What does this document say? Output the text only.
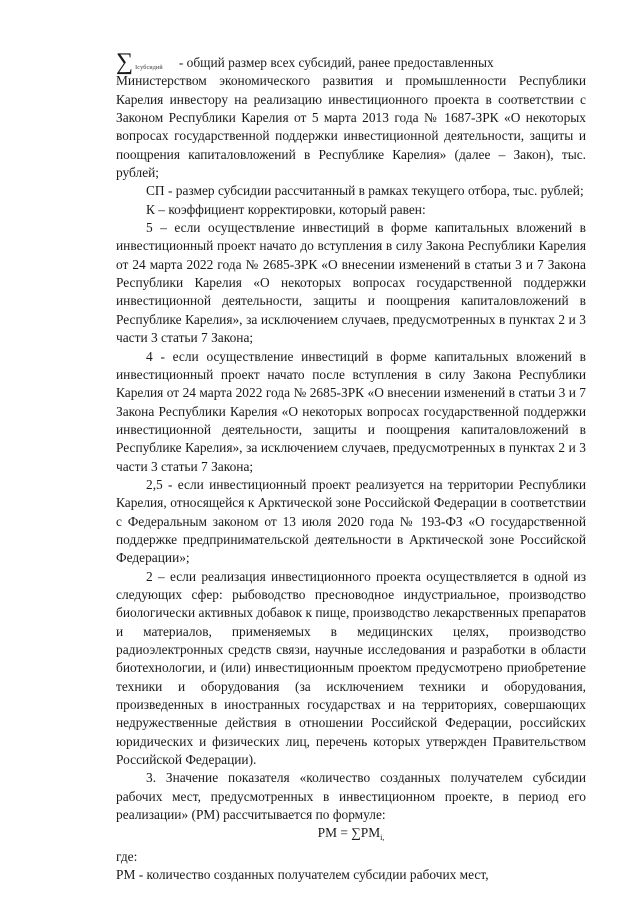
∑ Iсубсидий - общий размер всех субсидий, ранее предоставленных

Министерством экономического развития и промышленности Республики Карелия инвестору на реализацию инвестиционного проекта в соответствии с Законом Республики Карелия от 5 марта 2013 года № 1687-ЗРК «О некоторых вопросах государственной поддержки инвестиционной деятельности, защиты и поощрения капиталовложений в Республике Карелия» (далее – Закон), тыс. рублей;

СП - размер субсидии рассчитанный в рамках текущего отбора, тыс. рублей;

К – коэффициент корректировки, который равен:

5 – если осуществление инвестиций в форме капитальных вложений в инвестиционный проект начато до вступления в силу Закона Республики Карелия от 24 марта 2022 года № 2685-ЗРК «О внесении изменений в статьи 3 и 7 Закона Республики Карелия «О некоторых вопросах государственной поддержки инвестиционной деятельности, защиты и поощрения капиталовложений в Республике Карелия», за исключением случаев, предусмотренных в пунктах 2 и 3 части 3 статьи 7 Закона;

4 - если осуществление инвестиций в форме капитальных вложений в инвестиционный проект начато после вступления в силу Закона Республики Карелия от 24 марта 2022 года № 2685-ЗРК «О внесении изменений в статьи 3 и 7 Закона Республики Карелия «О некоторых вопросах государственной поддержки инвестиционной деятельности, защиты и поощрения капиталовложений в Республике Карелия», за исключением случаев, предусмотренных в пунктах 2 и 3 части 3 статьи 7 Закона;

2,5 - если инвестиционный проект реализуется на территории Республики Карелия, относящейся к Арктической зоне Российской Федерации в соответствии с Федеральным законом от 13 июля 2020 года № 193-ФЗ «О государственной поддержке предпринимательской деятельности в Арктической зоне Российской Федерации»;

2 – если реализация инвестиционного проекта осуществляется в одной из следующих сфер: рыбоводство пресноводное индустриальное, производство биологически активных добавок к пище, производство лекарственных препаратов и материалов, применяемых в медицинских целях, производство радиоэлектронных средств связи, научные исследования и разработки в области биотехнологии, и (или) инвестиционным проектом предусмотрено приобретение техники и оборудования (за исключением техники и оборудования, произведенных в иностранных государствах и на территориях, совершающих недружественные действия в отношении Российской Федерации, российских юридических и физических лиц, перечень которых утвержден Правительством Российской Федерации).

3. Значение показателя «количество созданных получателем субсидии рабочих мест, предусмотренных в инвестиционном проекте, в период его реализации» (РМ) рассчитывается по формуле:

РМ = $\sum РМ_{i,}$

где:

РМ - количество созданных получателем субсидии рабочих мест,
